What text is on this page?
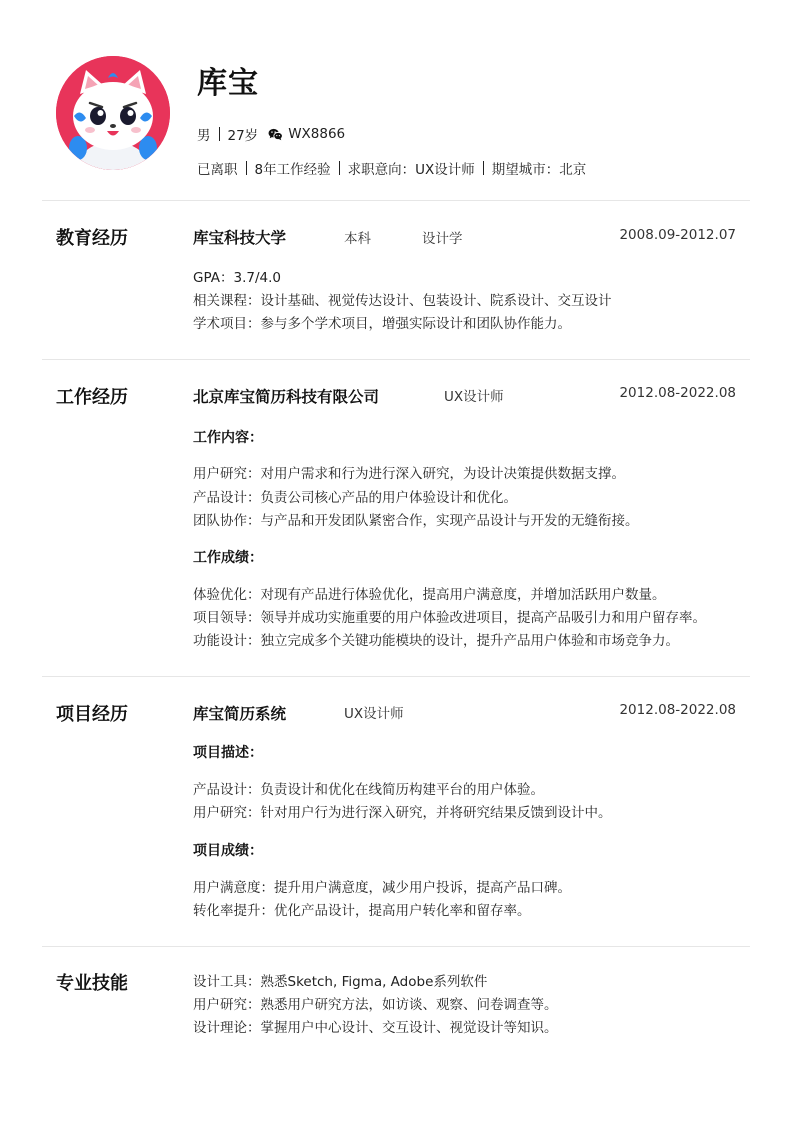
库宝
男 27岁 WX8866
已离职 8年工作经验 求职意向：UX设计师 期望城市：北京
教育经历	库宝科技大学	本科	设计学	2008.09-2012.07
GPA：3.7/4.0
相关课程：设计基础、视觉传达设计、包装设计、院系设计、交互设计
学术项目：参与多个学术项目，增强实际设计和团队协作能力。
工作经历	北京库宝简历科技有限公司	UX设计师	2012.08-2022.08
工作内容：
用户研究：对用户需求和行为进行深入研究，为设计决策提供数据支撑。
产品设计：负责公司核心产品的用户体验设计和优化。
团队协作：与产品和开发团队紧密合作，实现产品设计与开发的无缝衔接。
工作成绩：
体验优化：对现有产品进行体验优化，提高用户满意度，并增加活跃用户数量。
项目领导：领导并成功实施重要的用户体验改进项目，提高产品吸引力和用户留存率。
功能设计：独立完成多个关键功能模块的设计，提升产品用户体验和市场竞争力。
项目经历	库宝简历系统	UX设计师	2012.08-2022.08
项目描述：
产品设计：负责设计和优化在线简历构建平台的用户体验。
用户研究：针对用户行为进行深入研究，并将研究结果反馈到设计中。
项目成绩：
用户满意度：提升用户满意度，减少用户投诉，提高产品口碑。
转化率提升：优化产品设计，提高用户转化率和留存率。
专业技能	设计工具：熟悉Sketch, Figma, Adobe系列软件
用户研究：熟悉用户研究方法，如访谈、观察、问卷调查等。
设计理论：掌握用户中心设计、交互设计、视觉设计等知识。
